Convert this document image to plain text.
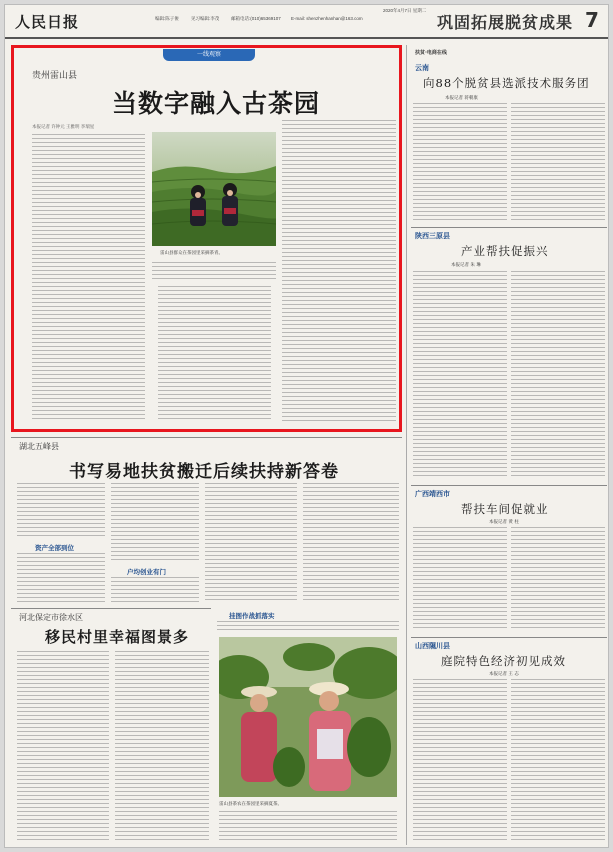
人民日报	编辑:陈子俊	见习编辑:李茂	邮箱电话:(010)65369107 E-mail: shenzhenhanhan@163.com
2020年4月7日 星期二
巩固拓展脱贫成果 7
一线观察
贵州雷山县
当数字融入古茶园
本报记者 许钟元 王雅明 李瑞星
雷山县群众在茶园里采摘茶青。
湖北五峰县
书写易地扶贫搬迁后续扶持新答卷
资产全部到位
户均创业有门
河北保定市徐水区
移民村里幸福图景多
挂图作战抓落实
雷山县茶农在茶园里采摘夏茶。
扶贫·电商在线
云南
向88个脱贫县选派技术服务团
本报记者 蒋朝康
陕西三原县
产业帮扶促振兴
本报记者 朱 琳
广西靖西市
帮扶车间促就业
本报记者 黄 柱
山西隰川县
庭院特色经济初见成效
本报记者 王 志
